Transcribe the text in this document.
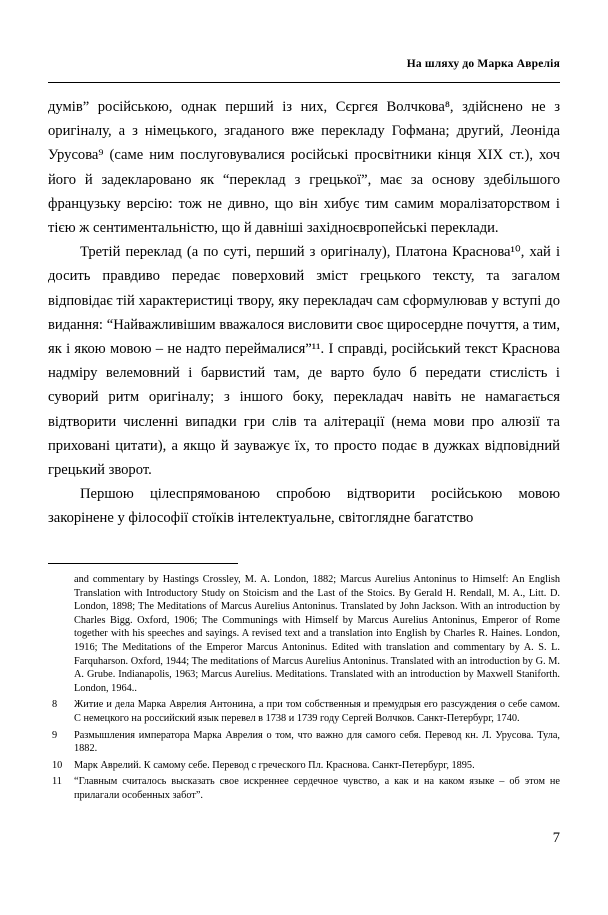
На шляху до Марка Аврелія

думів” російською, однак перший із них, Сєргєя Волчкова⁸, здійснено не з оригіналу, а з німецького, згаданого вже перекладу Гофмана; другий, Леоніда Урусова⁹ (саме ним послуговувалися російські просвітники кінця XIX ст.), хоч його й задекларовано як “переклад з грецької”, має за основу здебільшого французьку версію: тож не дивно, що він хибує тим самим моралізаторством і тією ж сентиментальністю, що й давніші західноєвропейські переклади.

Третій переклад (а по суті, перший з оригіналу), Платона Краснова¹⁰, хай і досить правдиво передає поверховий зміст грецького тексту, та загалом відповідає тій характеристиці твору, яку перекладач сам сформулював у вступі до видання: “Найважливішим вважалося висловити своє щиросердне почуття, а тим, як і якою мовою – не надто переймалися”¹¹. І справді, російський текст Краснова надміру велемовний і барвистий там, де варто було б передати стислість і суворий ритм оригіналу; з іншого боку, перекладач навіть не намагається відтворити численні випадки гри слів та алітерації (нема мови про алюзії та приховані цитати), а якщо й зауважує їх, то просто подає в дужках відповідний грецький зворот.

Першою цілеспрямованою спробою відтворити російською мовою закорінене у філософії стоїків інтелектуальне, світоглядне багатство

and commentary by Hastings Crossley, M. A. London, 1882; Marcus Aurelius Antoninus to Himself: An English Translation with Introductory Study on Stoicism and the Last of the Stoics. By Gerald H. Rendall, M. A., Litt. D. London, 1898; The Meditations of Marcus Aurelius Antoninus. Translated by John Jackson. With an introduction by Charles Bigg. Oxford, 1906; The Communings with Himself by Marcus Aurelius Antoninus, Emperor of Rome together with his speeches and sayings. A revised text and a translation into English by Charles R. Haines. London, 1916; The Meditations of the Emperor Marcus Antoninus. Edited with translation and commentary by A. S. L. Farquharson. Oxford, 1944; The meditations of Marcus Aurelius Antoninus. Translated with an introduction by G. M. A. Grube. Indianapolis, 1963; Marcus Aurelius. Meditations. Translated with an introduction by Maxwell Staniforth. London, 1964..
8	Житие и дела Марка Аврелия Антонина, а при том собственныя и премудрыя его разсуждения о себе самом. С немецкого на российский язык перевел в 1738 и 1739 году Сергей Волчков. Санкт-Петербург, 1740.
9	Размышления императора Марка Аврелия о том, что важно для самого себя. Перевод кн. Л. Урусова. Тула, 1882.
10	Марк Аврелий. К самому себе. Перевод с греческого Пл. Краснова. Санкт-Петербург, 1895.
11	“Главным считалось высказать свое искреннее сердечное чувство, а как и на каком языке – об этом не прилагали особенных забот”.
7
